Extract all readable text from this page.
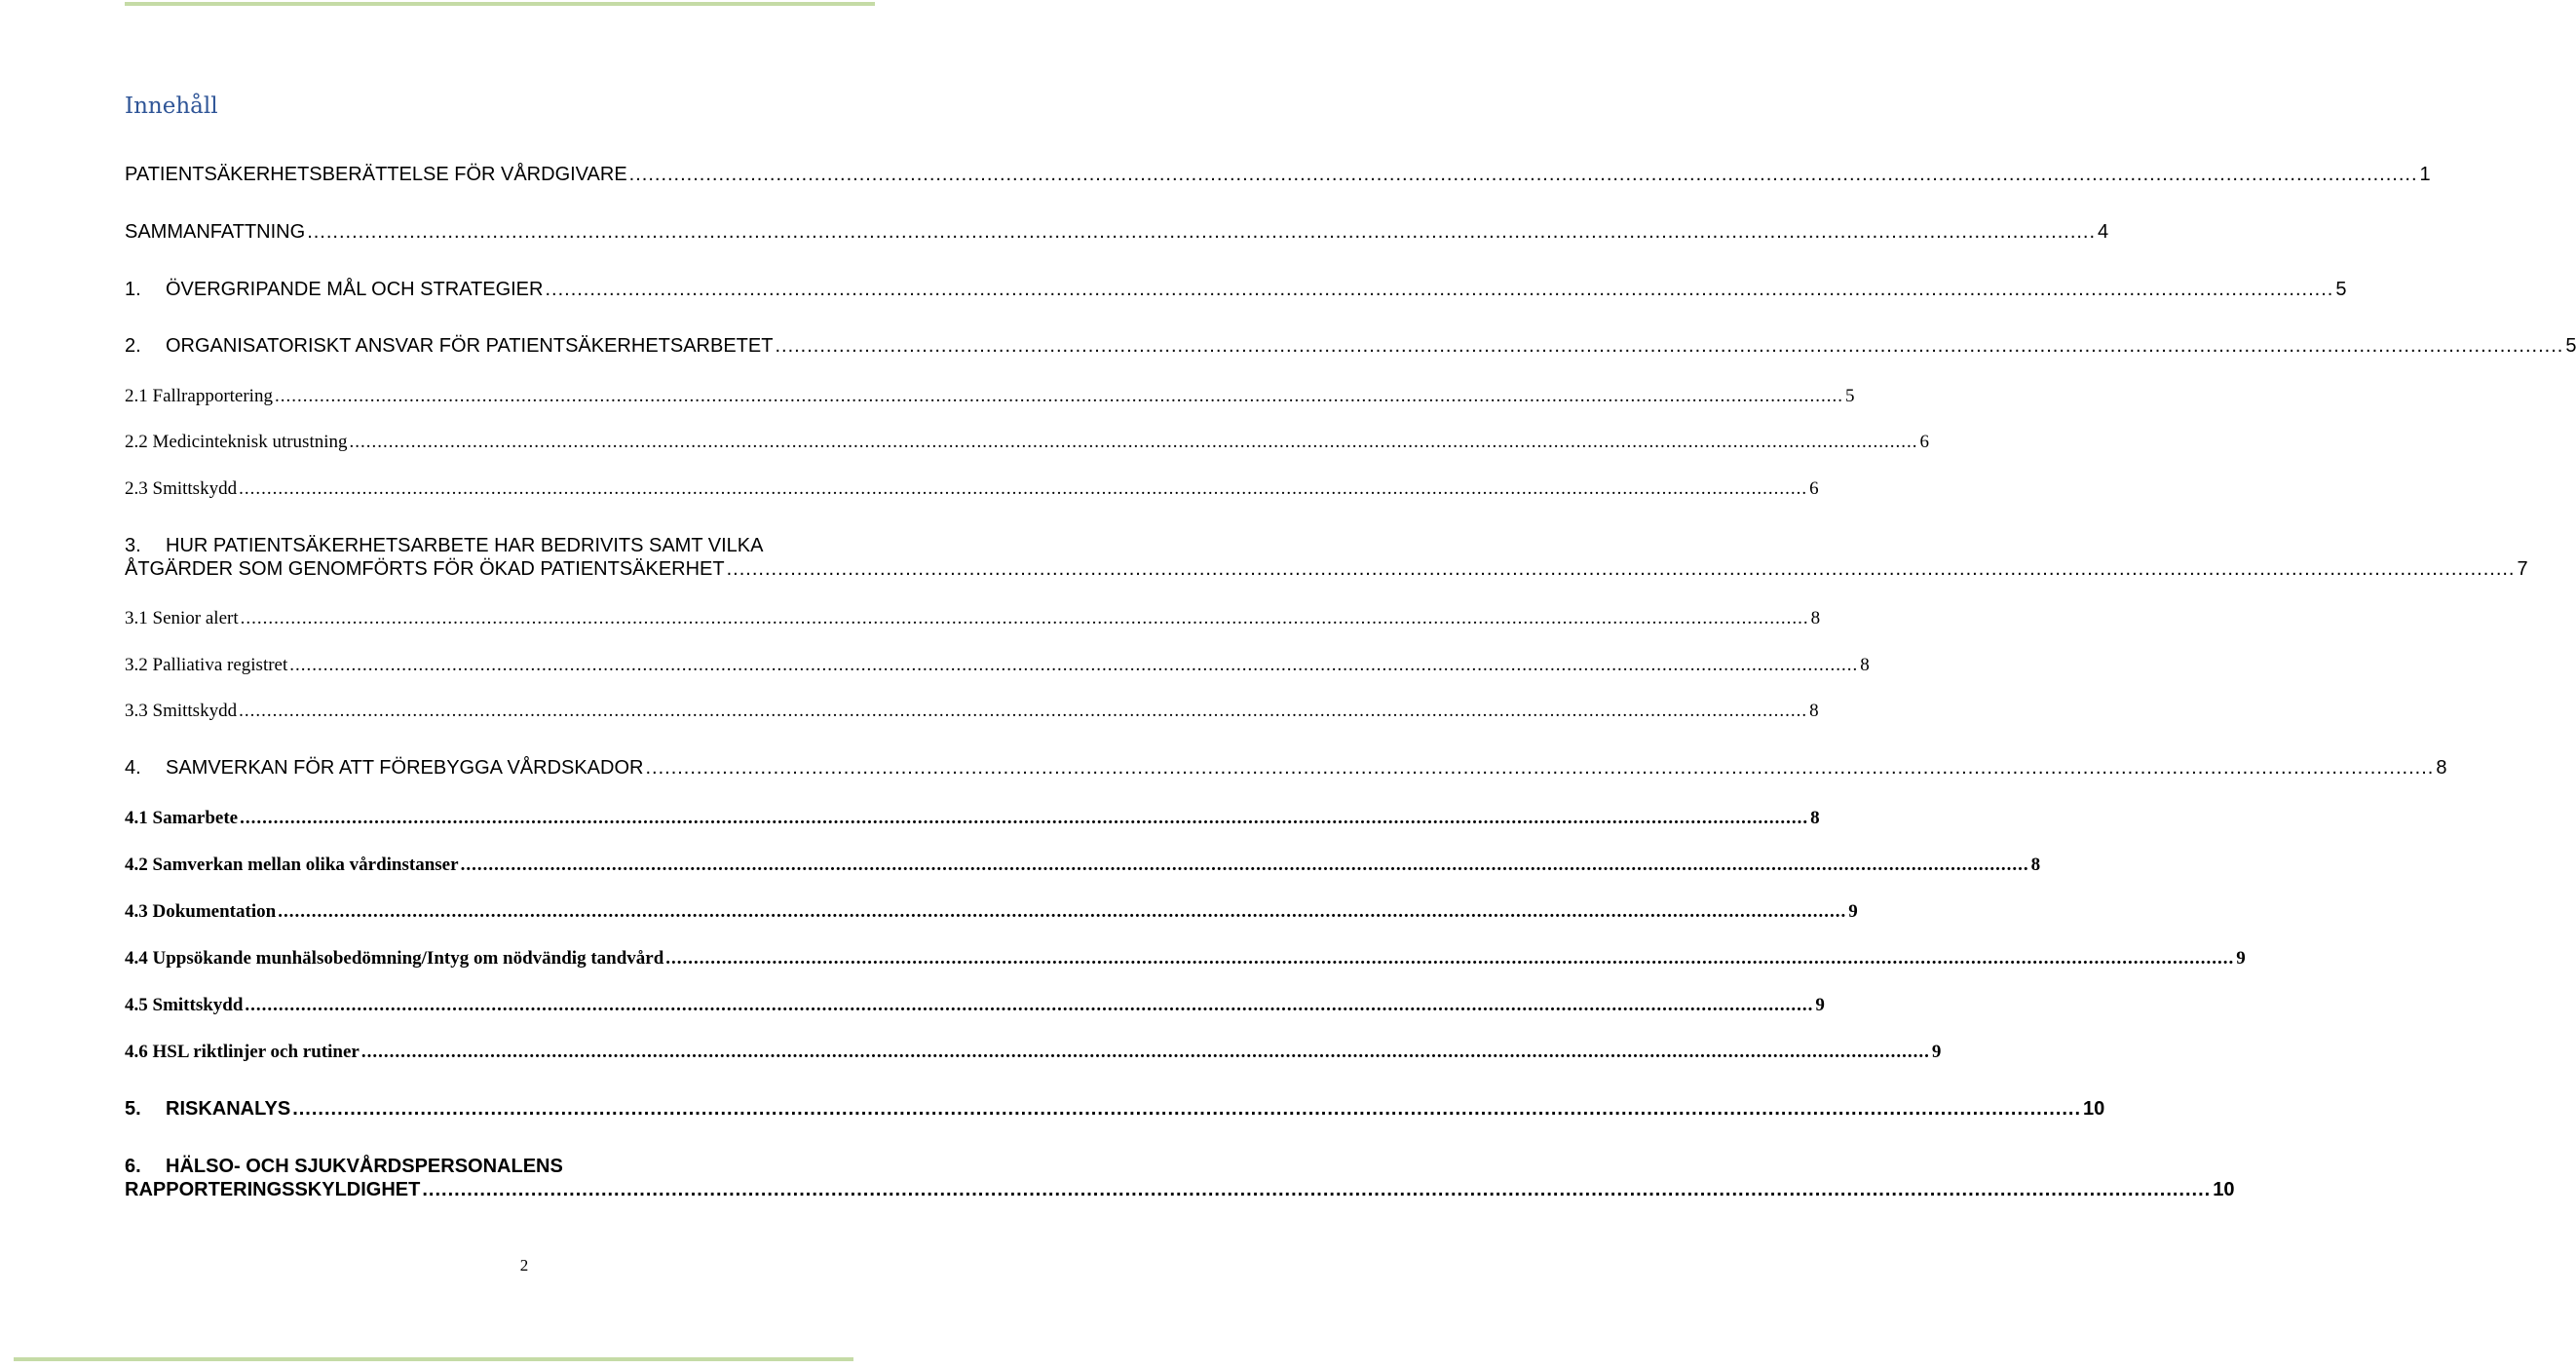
Innehåll
PATIENTSÄKERHETSBERÄTTELSE FÖR VÅRDGIVARE .....	1
SAMMANFATTNING .....	4
1. ÖVERGRIPANDE MÅL OCH STRATEGIER .....	5
2. ORGANISATORISKT ANSVAR FÖR PATIENTSÄKERHETSARBETET .....	5
2.1 Fallrapportering .....	5
2.2 Medicinteknisk utrustning .....	6
2.3 Smittskydd .....	6
3. HUR PATIENTSÄKERHETSARBETE HAR BEDRIVITS SAMT VILKA
ÅTGÄRDER SOM GENOMFÖRTS FÖR ÖKAD PATIENTSÄKERHET .....	7
3.1 Senior alert .....	8
3.2 Palliativa registret .....	8
3.3 Smittskydd .....	8
4. SAMVERKAN FÖR ATT FÖREBYGGA VÅRDSKADOR .....	8
4.1 Samarbete .....	8
4.2 Samverkan mellan olika vårdinstanser .....	8
4.3 Dokumentation .....	9
4.4 Uppsökande munhälsobedömning/Intyg om nödvändig tandvård .....	9
4.5 Smittskydd .....	9
4.6 HSL riktlinjer och rutiner .....	9
5. RISKANALYS .....	10
6. HÄLSO- OCH SJUKVÅRDSPERSONALENS
RAPPORTERINGSSKYLDIGHET .....	10
2
